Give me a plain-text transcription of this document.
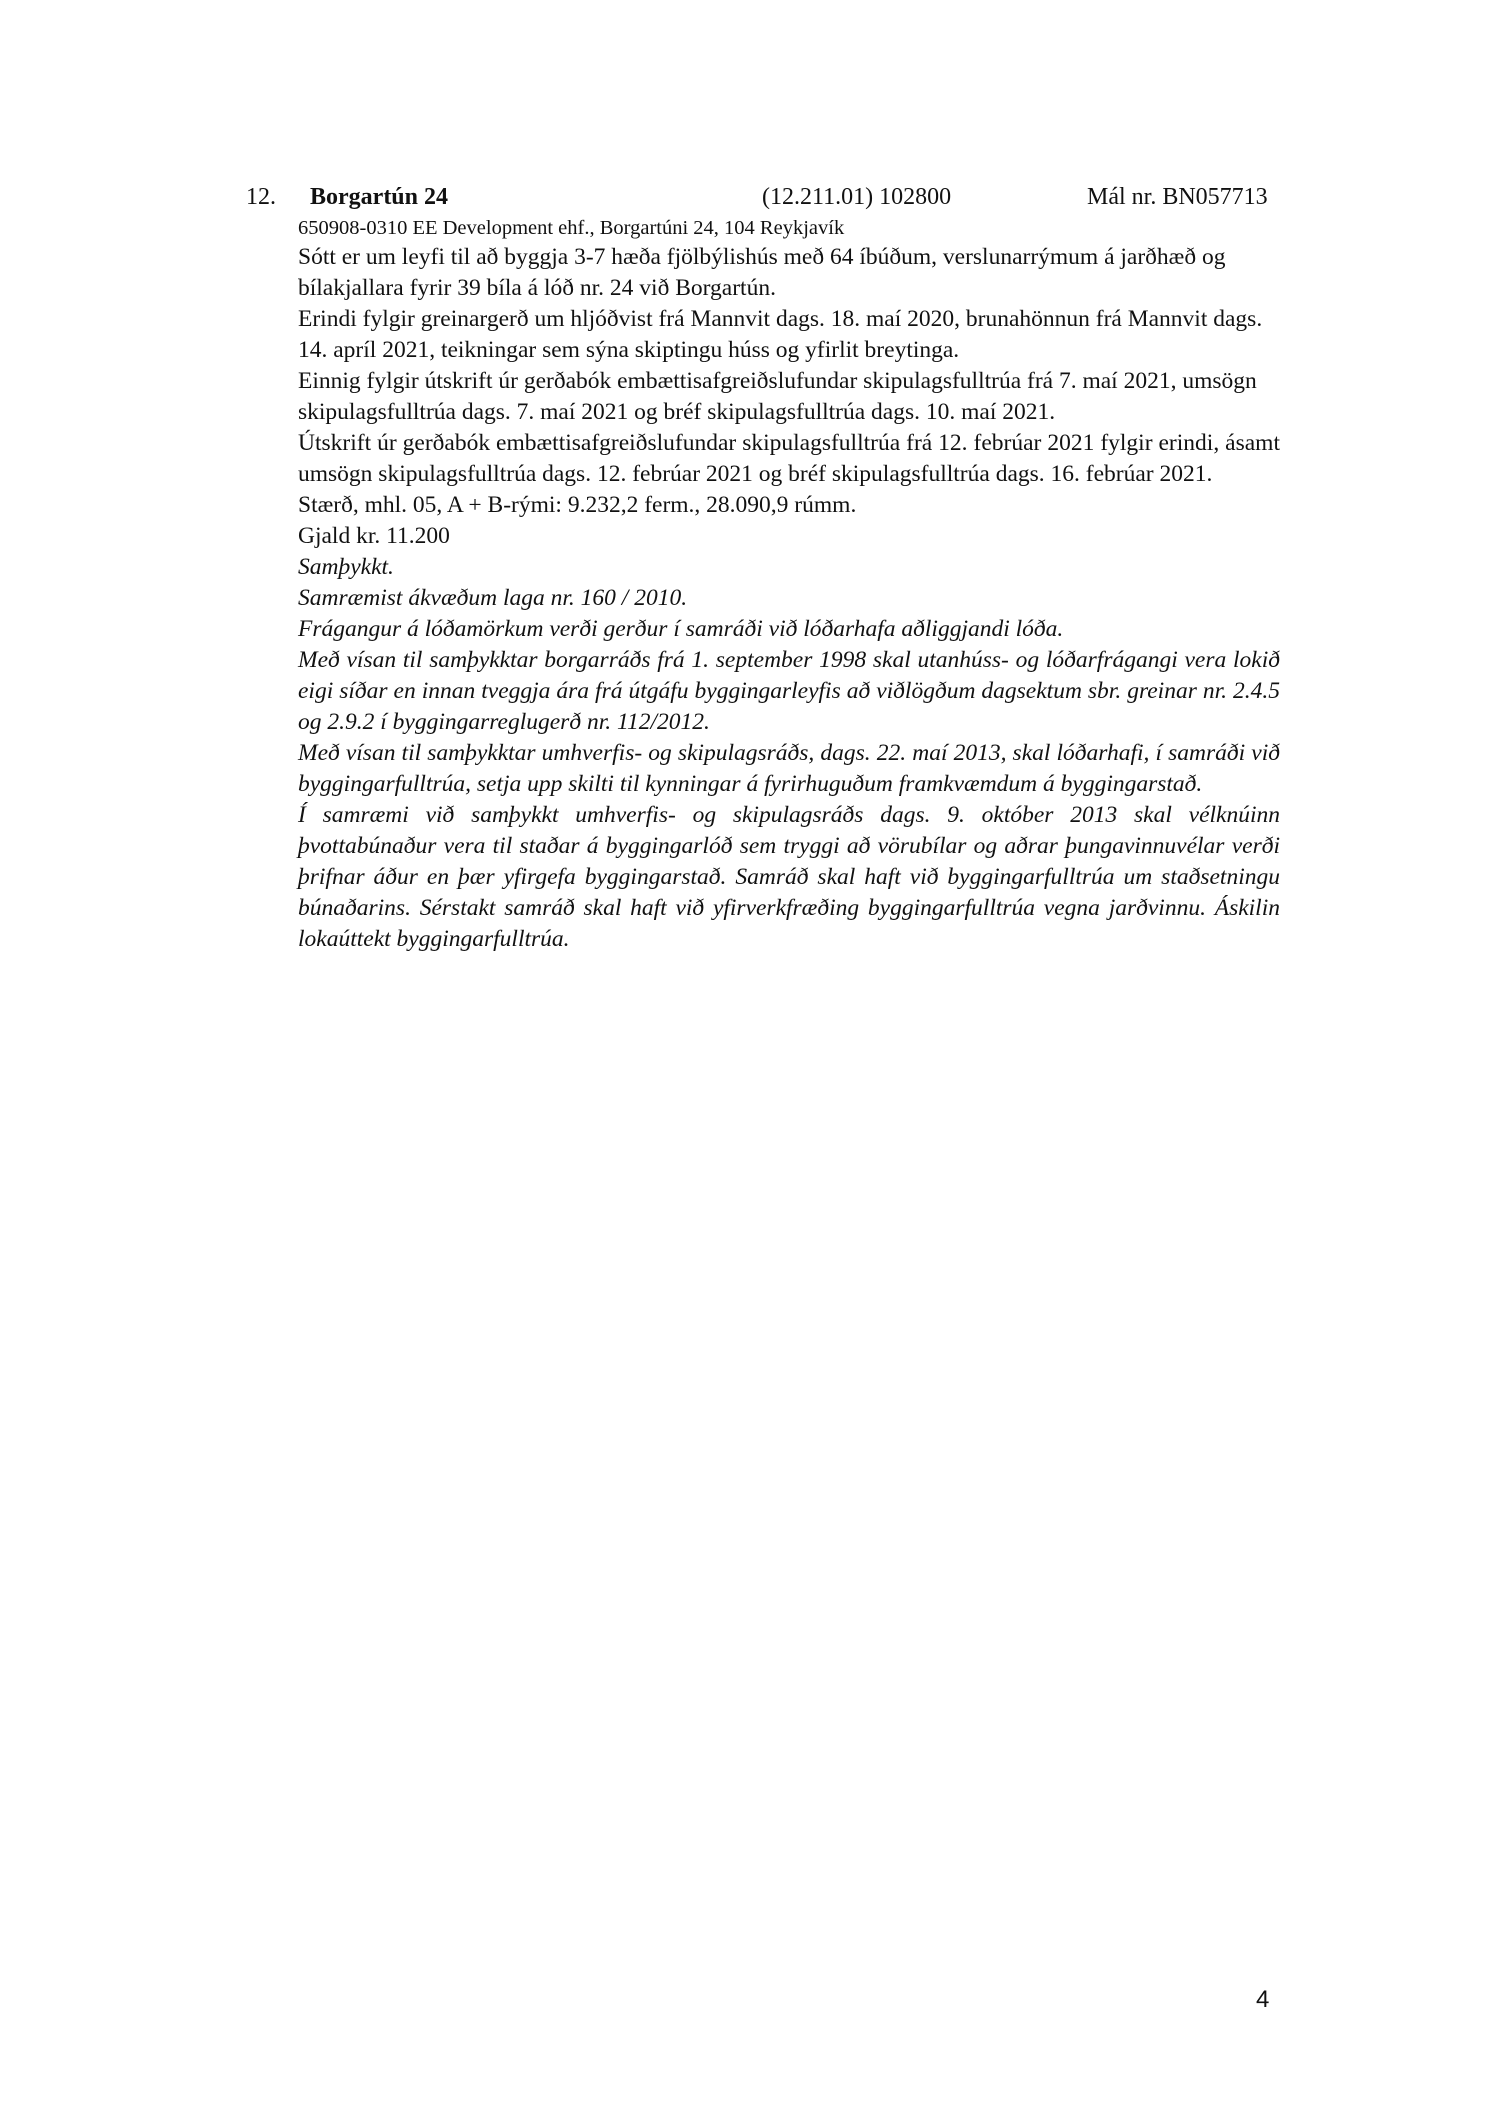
12. Borgartún 24	(12.211.01) 102800	Mál nr. BN057713
650908-0310 EE Development ehf., Borgartúni 24, 104 Reykjavík

Sótt er um leyfi til að byggja 3-7 hæða fjölbýlishús með 64 íbúðum, verslunarrýmum á jarðhæð og bílakjallara fyrir 39 bíla á lóð nr. 24 við Borgartún.

Erindi fylgir greinargerð um hljóðvist frá Mannvit dags. 18. maí 2020, brunahönnun frá Mannvit dags. 14. apríl 2021, teikningar sem sýna skiptingu húss og yfirlit breytinga.

Einnig fylgir útskrift úr gerðabók embættisafgreiðslufundar skipulagsfulltrúa frá 7. maí 2021, umsögn skipulagsfulltrúa dags. 7. maí 2021 og bréf skipulagsfulltrúa dags. 10. maí 2021.

Útskrift úr gerðabók embættisafgreiðslufundar skipulagsfulltrúa frá 12. febrúar 2021 fylgir erindi, ásamt umsögn skipulagsfulltrúa dags. 12. febrúar 2021 og bréf skipulagsfulltrúa dags. 16. febrúar 2021.

Stærð, mhl. 05, A + B-rými: 9.232,2 ferm., 28.090,9 rúmm.

Gjald kr. 11.200

Samþykkt.

Samræmist ákvæðum laga nr. 160 / 2010.

Frágangur á lóðamörkum verði gerður í samráði við lóðarhafa aðliggjandi lóða.

Með vísan til samþykktar borgarráðs frá 1. september 1998 skal utanhúss- og lóðarfrágangi vera lokið eigi síðar en innan tveggja ára frá útgáfu byggingarleyfis að viðlögðum dagsektum sbr. greinar nr. 2.4.5 og 2.9.2 í byggingarreglugerð nr. 112/2012.

Með vísan til samþykktar umhverfis- og skipulagsráðs, dags. 22. maí 2013, skal lóðarhafi, í samráði við byggingarfulltrúa, setja upp skilti til kynningar á fyrirhuguðum framkvæmdum á byggingarstað.

Í samræmi við samþykkt umhverfis- og skipulagsráðs dags. 9. október 2013 skal vélknúinn þvottabúnaður vera til staðar á byggingarlóð sem tryggi að vörubílar og aðrar þungavinnuvélar verði þrifnar áður en þær yfirgefa byggingarstað. Samráð skal haft við byggingarfulltrúa um staðsetningu búnaðarins. Sérstakt samráð skal haft við yfirverkfræðing byggingarfulltrúa vegna jarðvinnu. Áskilin lokaúttekt byggingarfulltrúa.

4
